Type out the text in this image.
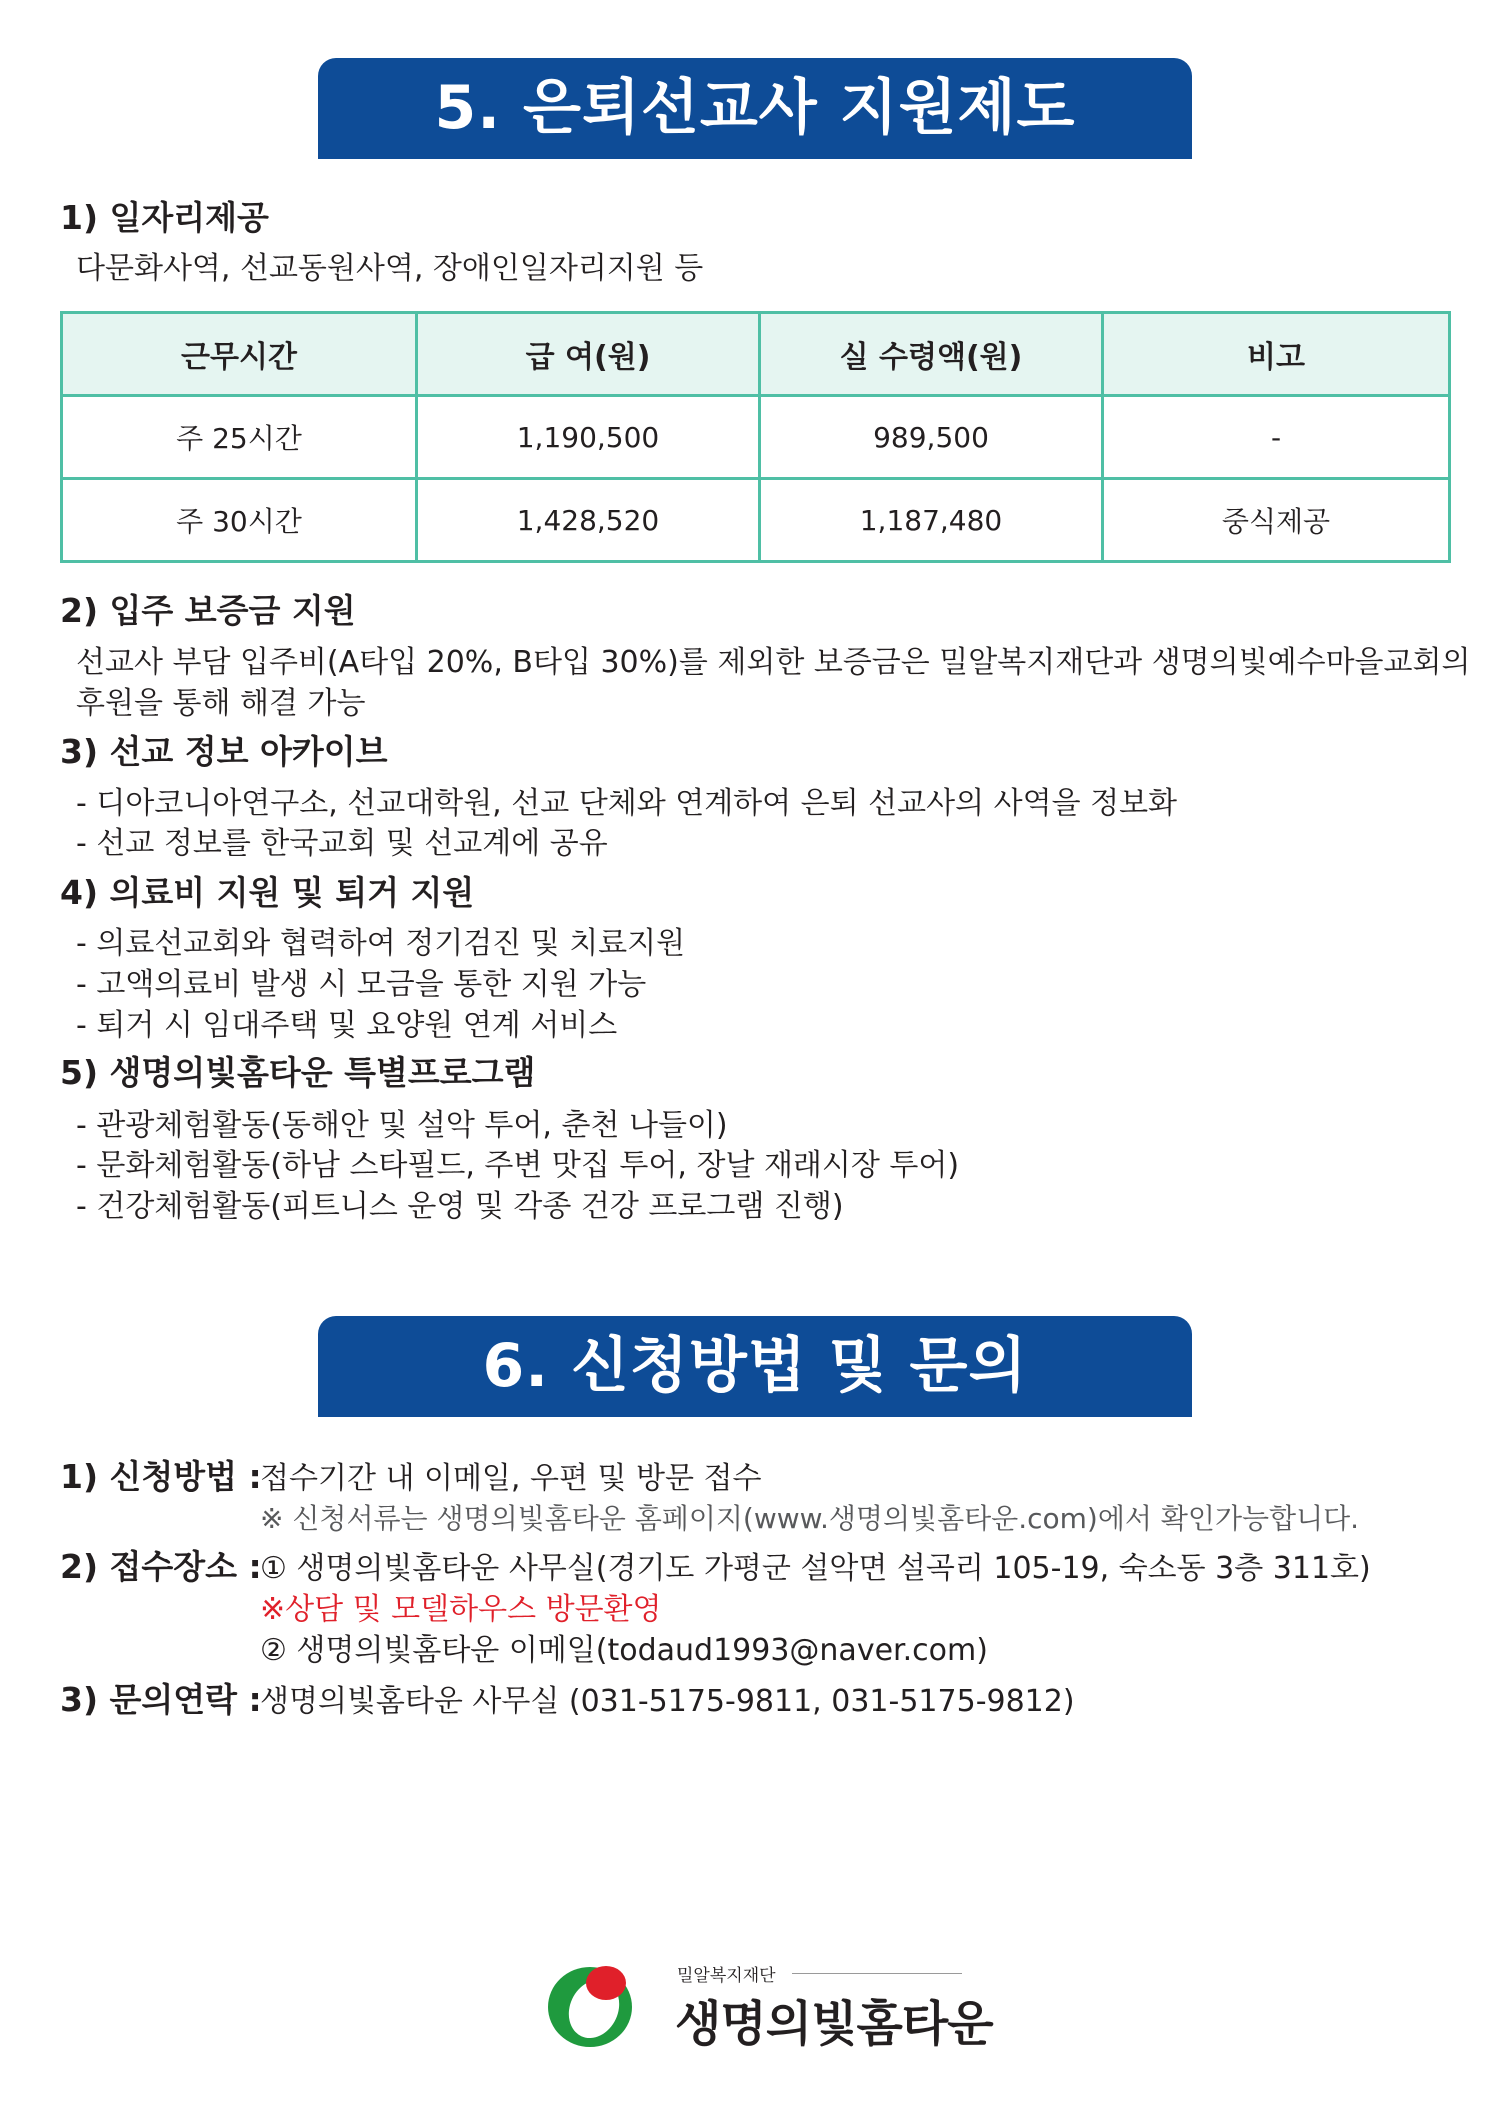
5. 은퇴선교사 지원제도
1) 일자리제공
다문화사역, 선교동원사역, 장애인일자리지원 등
근무시간	급 여(원)	실 수령액(원)	비고
주 25시간	1,190,500	989,500	-
주 30시간	1,428,520	1,187,480	중식제공
2) 입주 보증금 지원
선교사 부담 입주비(A타입 20%, B타입 30%)를 제외한 보증금은 밀알복지재단과 생명의빛예수마을교회의
후원을 통해 해결 가능
3) 선교 정보 아카이브
- 디아코니아연구소, 선교대학원, 선교 단체와 연계하여 은퇴 선교사의 사역을 정보화
- 선교 정보를 한국교회 및 선교계에 공유
4) 의료비 지원 및 퇴거 지원
- 의료선교회와 협력하여 정기검진 및 치료지원
- 고액의료비 발생 시 모금을 통한 지원 가능
- 퇴거 시 임대주택 및 요양원 연계 서비스
5) 생명의빛홈타운 특별프로그램
- 관광체험활동(동해안 및 설악 투어, 춘천 나들이)
- 문화체험활동(하남 스타필드, 주변 맛집 투어, 장날 재래시장 투어)
- 건강체험활동(피트니스 운영 및 각종 건강 프로그램 진행)
6. 신청방법 및 문의
1) 신청방법 :
접수기간 내 이메일, 우편 및 방문 접수
※ 신청서류는 생명의빛홈타운 홈페이지(www.생명의빛홈타운.com)에서 확인가능합니다.
2) 접수장소 :
① 생명의빛홈타운 사무실(경기도 가평군 설악면 설곡리 105-19, 숙소동 3층 311호)
※상담 및 모델하우스 방문환영
② 생명의빛홈타운 이메일(todaud1993@naver.com)
3) 문의연락 :
생명의빛홈타운 사무실 (031-5175-9811, 031-5175-9812)
밀알복지재단
생명의빛홈타운
